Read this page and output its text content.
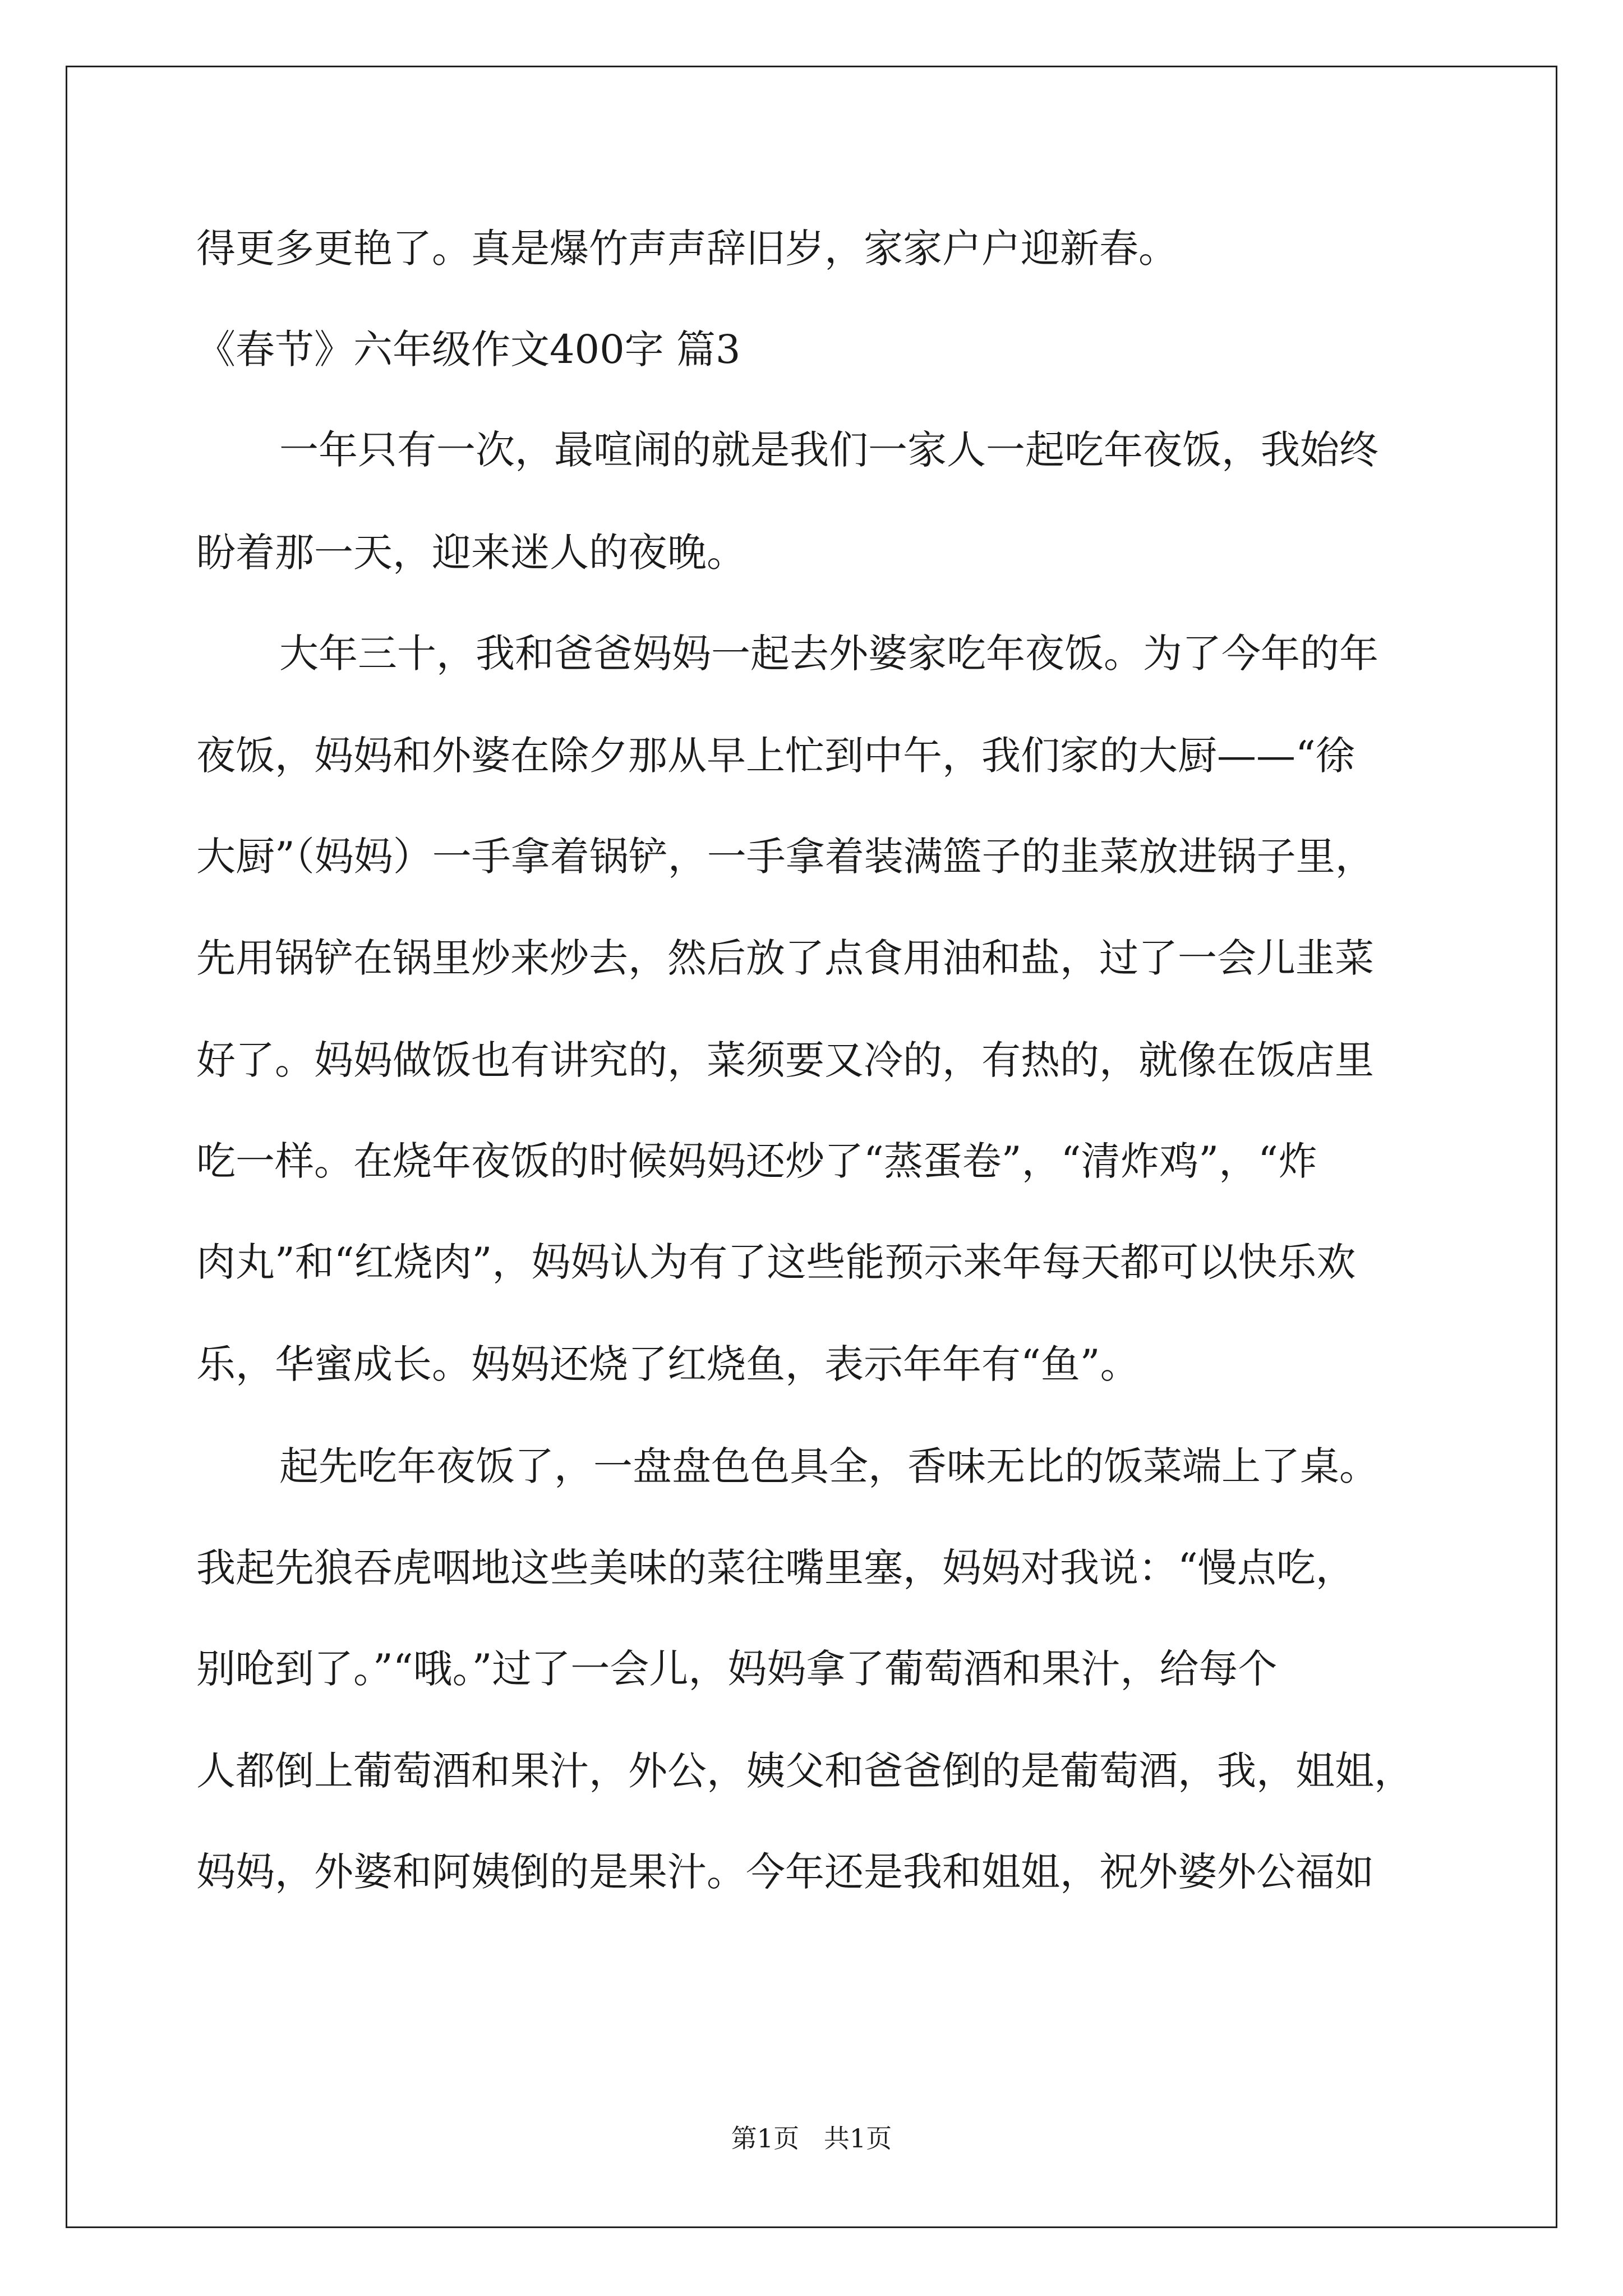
得更多更艳了。真是爆竹声声辞旧岁，家家户户迎新春。
《春节》六年级作文400字 篇3
一年只有一次，最喧闹的就是我们一家人一起吃年夜饭，我始终
盼着那一天，迎来迷人的夜晚。
大年三十，我和爸爸妈妈一起去外婆家吃年夜饭。为了今年的年
夜饭，妈妈和外婆在除夕那从早上忙到中午，我们家的大厨——“徐
大厨”（妈妈）一手拿着锅铲，一手拿着装满篮子的韭菜放进锅子里，
先用锅铲在锅里炒来炒去，然后放了点食用油和盐，过了一会儿韭菜
好了。妈妈做饭也有讲究的，菜须要又冷的，有热的，就像在饭店里
吃一样。在烧年夜饭的时候妈妈还炒了“蒸蛋卷”，“清炸鸡”，“炸
肉丸”和“红烧肉”，妈妈认为有了这些能预示来年每天都可以快乐欢
乐，华蜜成长。妈妈还烧了红烧鱼，表示年年有“鱼”。
起先吃年夜饭了，一盘盘色色具全，香味无比的饭菜端上了桌。
我起先狼吞虎咽地这些美味的菜往嘴里塞，妈妈对我说：“慢点吃，
别呛到了。”“哦。”过了一会儿，妈妈拿了葡萄酒和果汁，给每个
人都倒上葡萄酒和果汁，外公，姨父和爸爸倒的是葡萄酒，我，姐姐，
妈妈，外婆和阿姨倒的是果汁。今年还是我和姐姐，祝外婆外公福如
第1页   共1页
